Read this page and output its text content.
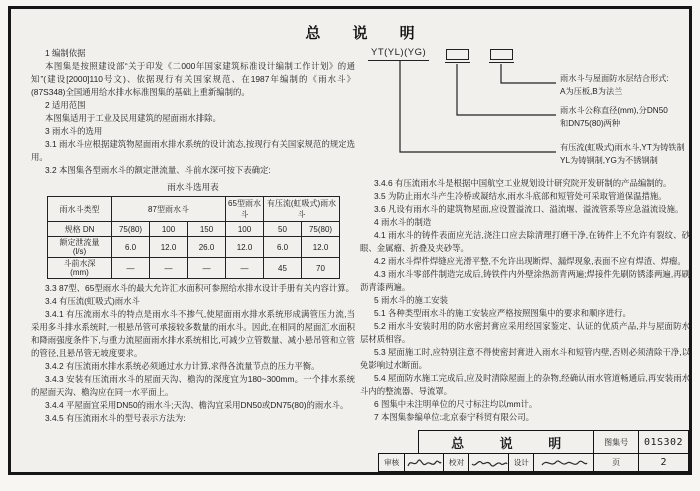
总 说 明

1 编制依据

本图集是按照建设部“关于印发《二000年国家建筑标准设计编制工作计划》的通知”(建设[2000]110号文)、依据现行有关国家规范、在1987年编制的《雨水斗》(87S348)全国通用给水排水标准图集的基础上重新编制的。

2 适用范围

本图集适用于工业及民用建筑的屋面雨水排除。

3 雨水斗的选用

3.1 雨水斗应根据建筑物屋面雨水排水系统的设计流态,按现行有关国家规范的规定选用。

3.2 本图集各型雨水斗的额定泄流量、斗前水深可按下表确定:

雨水斗选用表
雨水斗类型	87型雨水斗			65型雨水斗	有压流(虹吸式)雨水斗	
规格 DN	75(80)	100	150	100	50	75(80)
额定泄流量
(l/s)	6.0	12.0	26.0	12.0	6.0	12.0
斗前水深
(mm)	—	—	—	—	45	70

3.3 87型、65型雨水斗的最大允许汇水面积可参照给水排水设计手册有关内容计算。

3.4 有压流(虹吸式)雨水斗

3.4.1 有压流雨水斗的特点是雨水斗不掺气,使屋面雨水排水系统形成满管压力流,当采用多斗排水系统时,一根悬吊管可承接较多数量的雨水斗。因此,在相同的屋面汇水面积和降雨强度条件下,与重力流屋面雨水排水系统相比,可减少立管数量、减小悬吊管和立管的管径,且悬吊管无坡度要求。

3.4.2 有压流雨水排水系统必须通过水力计算,求得各流量节点的压力平衡。

3.4.3 安装有压流雨水斗的屋面天沟、檐沟的深度宜为180~300mm。一个排水系统的屋面天沟、檐沟应在同一水平面上。

3.4.4 平屋面宜采用DN50的雨水斗;天沟、檐沟宜采用DN50或DN75(80)的雨水斗。

3.4.5 有压流雨水斗的型号表示方法为:

YT(YL)(YG)
雨水斗与屋面防水层结合形式:
A为压板,B为法兰
雨水斗公称直径(mm),分DN50
和DN75(80)两种
有压流(虹吸式)雨水斗,YT为铸铁制
YL为铸钢制,YG为不锈钢制

3.4.6 有压流雨水斗是根据中国航空工业规划设计研究院开发研制的产品编制的。

3.5 为防止雨水斗产生冷桥或凝结水,雨水斗底部和短管处可采取管道保温措施。

3.6 凡设有雨水斗的建筑物屋面,应设置溢流口、溢流堰、溢流管系等应急溢流设施。

4 雨水斗的制造

4.1 雨水斗的铸件表面应光洁,浇注口应去除清理打磨干净,在铸件上不允许有裂纹、砂眼、金属瘤、折叠及夹砂等。

4.2 雨水斗焊件焊缝应光滑平整,不允许出现断焊、漏焊现象,表面不应有焊渣、焊瘤。

4.3 雨水斗零部件制造完成后,铸铁件内外壁涂热沥青两遍;焊接件先刷防锈漆两遍,再刷沥青漆两遍。

5 雨水斗的施工安装

5.1 各种类型雨水斗的施工安装应严格按照图集中的要求和顺序进行。

5.2 雨水斗安装时用的防水密封膏应采用经国家鉴定、认证的优质产品,并与屋面防水层材质相容。

5.3 屋面施工时,应特别注意不得使密封膏进入雨水斗和短管内壁,否则必须清除干净,以免影响过水断面。

5.4 屋面防水施工完成后,应及时清除屋面上的杂物,经确认雨水管道畅通后,再安装雨水斗内的整流器、导流罩。

6 图集中未注明单位的尺寸标注均以mm计。

7 本图集参编单位:北京泰宁科贸有限公司。

总 说 明	图集号	01S302
审核	校对	设计	页	2
